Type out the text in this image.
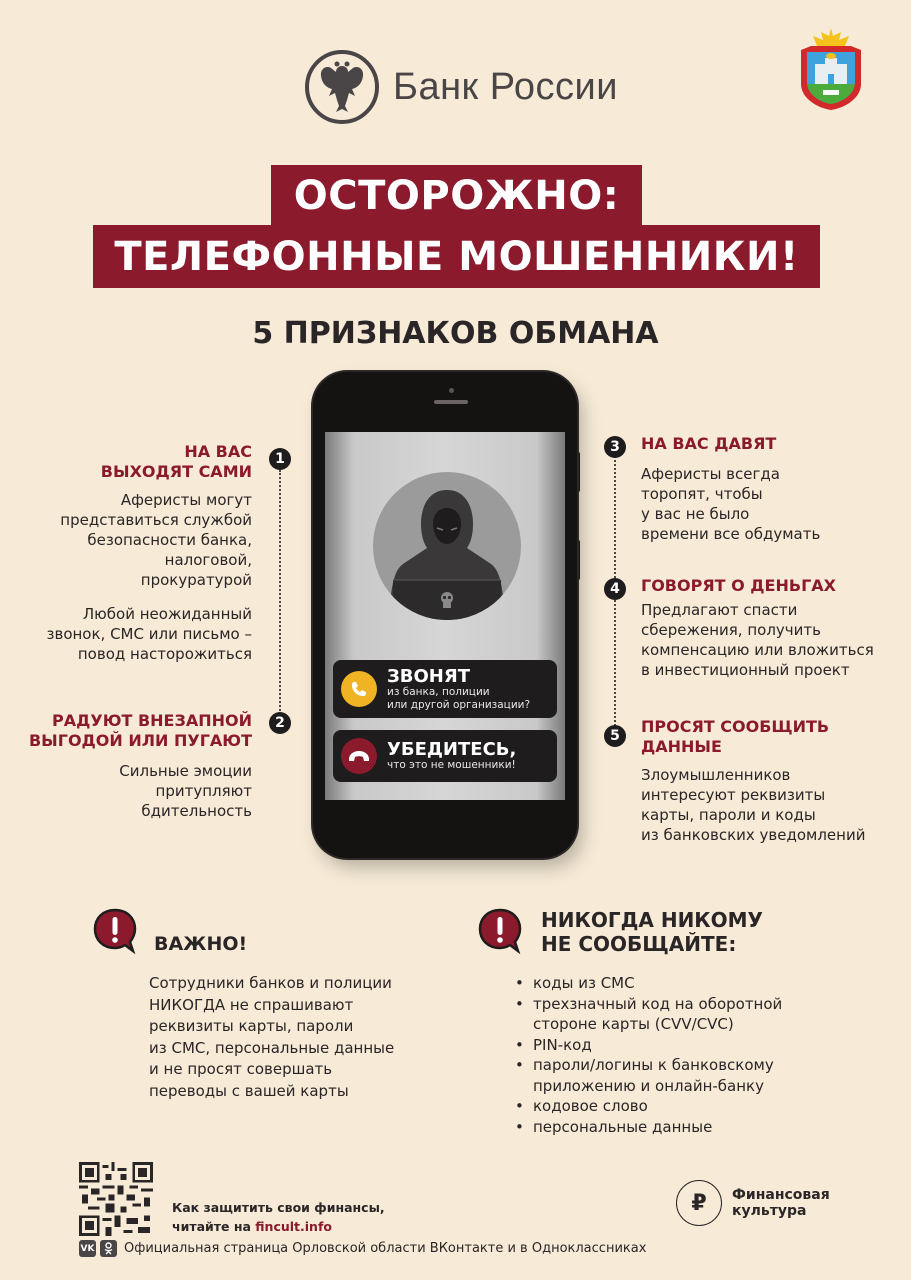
Банк России
ОСТОРОЖНО:
ТЕЛЕФОННЫЕ МОШЕННИКИ!
5 ПРИЗНАКОВ ОБМАНА
ЗВОНЯТ
из банка, полиции
или другой организации?
УБЕДИТЕСЬ,
что это не мошенники!
1
НА ВАС
ВЫХОДЯТ САМИ
Аферисты могут
представиться службой
безопасности банка,
налоговой,
прокуратурой
Любой неожиданный
звонок, СМС или письмо –
повод насторожиться
2
РАДУЮТ ВНЕЗАПНОЙ
ВЫГОДОЙ ИЛИ ПУГАЮТ
Сильные эмоции
притупляют
бдительность
3	НА ВАС ДАВЯТ
Аферисты всегда
торопят, чтобы
у вас не было
времени все обдумать
4	ГОВОРЯТ О ДЕНЬГАХ
Предлагают спасти
сбережения, получить
компенсацию или вложиться
в инвестиционный проект
5	ПРОСЯТ СООБЩИТЬ
ДАННЫЕ
Злоумышленников
интересуют реквизиты
карты, пароли и коды
из банковских уведомлений
ВАЖНО!
Сотрудники банков и полиции
НИКОГДА не спрашивают
реквизиты карты, пароли
из СМС, персональные данные
и не просят совершать
переводы с вашей карты
НИКОГДА НИКОМУ
НЕ СООБЩАЙТЕ:
• коды из СМС
• трехзначный код на оборотной
стороне карты (CVV/CVC)
• PIN-код
• пароли/логины к банковскому
приложению и онлайн-банку
• кодовое слово
• персональные данные
Как защитить свои финансы,
читайте на fincult.info
VK Официальная страница Орловской области ВКонтакте и в Одноклассниках
₽ Финансовая
культура
